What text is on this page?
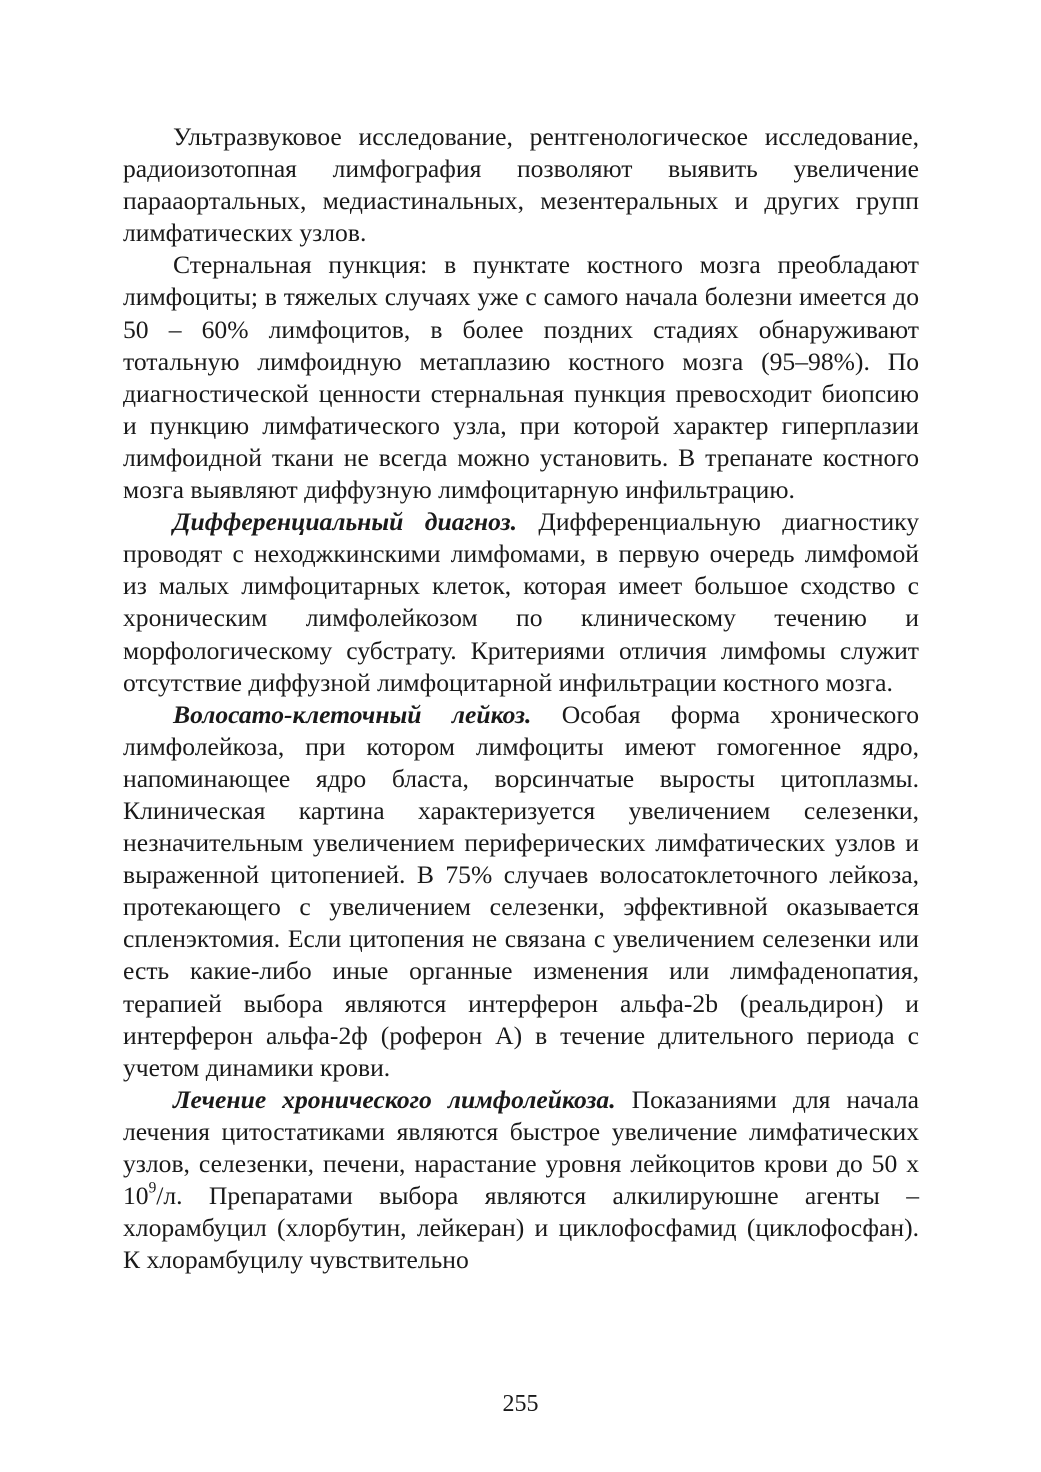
Ультразвуковое исследование, рентгенологическое исследование, радиоизотопная лимфография позволяют выявить увеличение парааортальных, медиастинальных, мезентеральных и других групп лимфатических узлов.

Стернальная пункция: в пунктате костного мозга преобладают лимфоциты; в тяжелых случаях уже с самого начала болезни имеется до 50 – 60% лимфоцитов, в более поздних стадиях обнаруживают тотальную лимфоидную метаплазию костного мозга (95–98%). По диагностической ценности стернальная пункция превосходит биопсию и пункцию лимфатического узла, при которой характер гиперплазии лимфоидной ткани не всегда можно установить. В трепанате костного мозга выявляют диффузную лимфоцитарную инфильтрацию.

Дифференциальный диагноз. Дифференциальную диагностику проводят с неходжкинскими лимфомами, в первую очередь лимфомой из малых лимфоцитарных клеток, которая имеет большое сходство с хроническим лимфолейкозом по клиническому течению и морфологическому субстрату. Критериями отличия лимфомы служит отсутствие диффузной лимфоцитарной инфильтрации костного мозга.

Волосато-клеточный лейкоз. Особая форма хронического лимфолейкоза, при котором лимфоциты имеют гомогенное ядро, напоминающее ядро бласта, ворсинчатые выросты цитоплазмы. Клиническая картина характеризуется увеличением селезенки, незначительным увеличением периферических лимфатических узлов и выраженной цитопенией. В 75% случаев волосатоклеточного лейкоза, протекающего с увеличением селезенки, эффективной оказывается спленэктомия. Если цитопения не связана с увеличением селезенки или есть какие-либо иные органные изменения или лимфаденопатия, терапией выбора являются интерферон альфа-2b (реальдирон) и интерферон альфа-2ф (роферон А) в течение длительного периода с учетом динамики крови.

Лечение хронического лимфолейкоза. Показаниями для начала лечения цитостатиками являются быстрое увеличение лимфатических узлов, селезенки, печени, нарастание уровня лейкоцитов крови до 50 х $10^9/л$. Препаратами выбора являются алкилируюшне агенты – хлорамбуцил (хлорбутин, лейкеран) и циклофосфамид (циклофосфан). К хлорамбуцилу чувствительно

255
